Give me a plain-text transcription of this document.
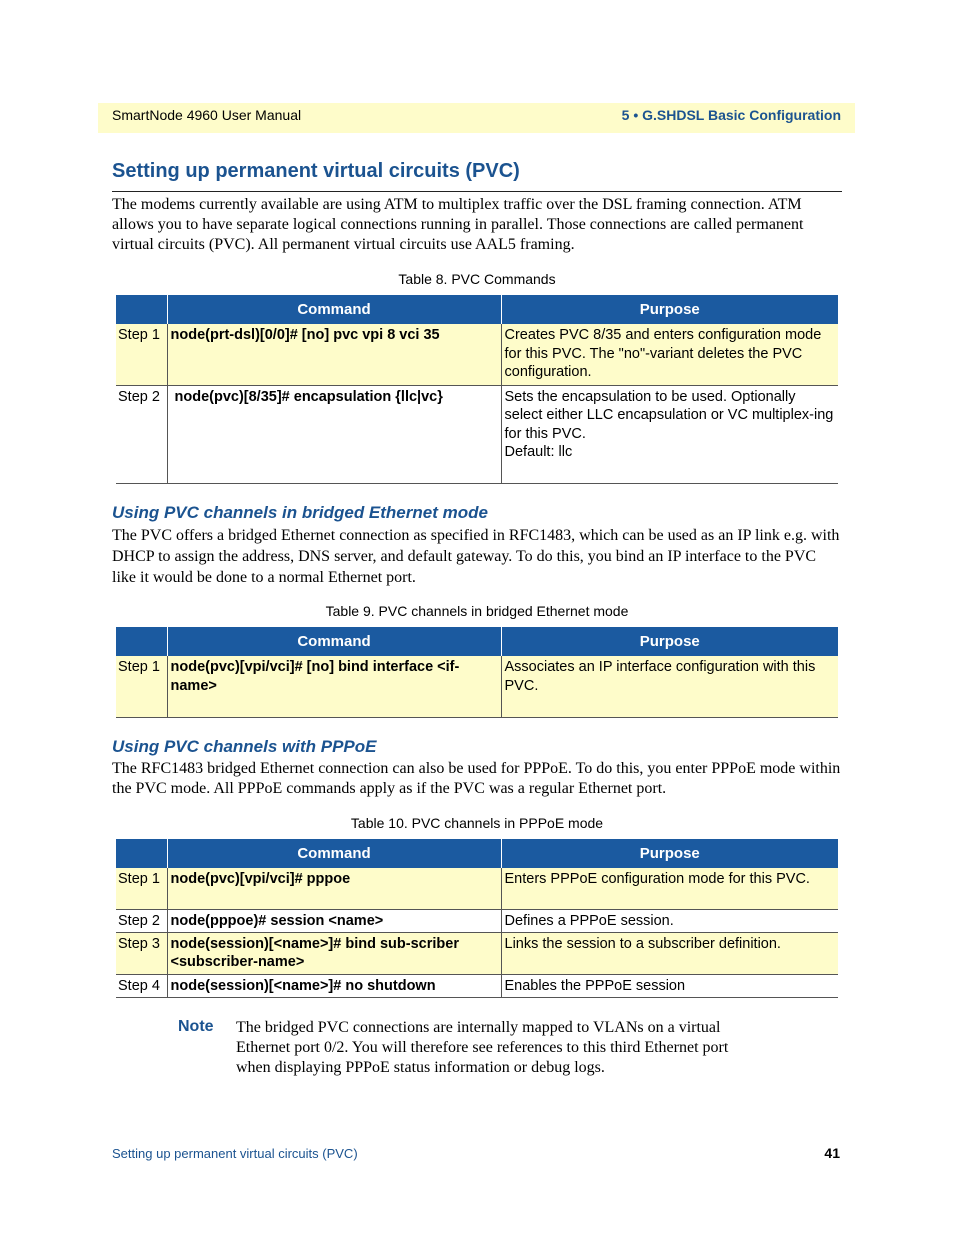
SmartNode 4960 User Manual	5 • G.SHDSL Basic Configuration
Setting up permanent virtual circuits (PVC)

The modems currently available are using ATM to multiplex traffic over the DSL framing connection. ATM allows you to have separate logical connections running in parallel. Those connections are called permanent virtual circuits (PVC). All permanent virtual circuits use AAL5 framing.

Table 8. PVC Commands

	Command	Purpose
Step 1	node(prt-dsl)[0/0]# [no] pvc vpi 8 vci 35	Creates PVC 8/35 and enters configuration mode for this PVC. The "no"-variant deletes the PVC configuration.
Step 2	node(pvc)[8/35]# encapsulation {llc|vc}	Sets the encapsulation to be used. Optionally select either LLC encapsulation or VC multiplex-ing for this PVC.
Default: llc
Using PVC channels in bridged Ethernet mode

The PVC offers a bridged Ethernet connection as specified in RFC1483, which can be used as an IP link e.g. with DHCP to assign the address, DNS server, and default gateway. To do this, you bind an IP interface to the PVC like it would be done to a normal Ethernet port.

Table 9. PVC channels in bridged Ethernet mode

	Command	Purpose
Step 1	node(pvc)[vpi/vci]# [no] bind interface <if-name>	Associates an IP interface configuration with this PVC.
Using PVC channels with PPPoE

The RFC1483 bridged Ethernet connection can also be used for PPPoE. To do this, you enter PPPoE mode within the PVC mode. All PPPoE commands apply as if the PVC was a regular Ethernet port.

Table 10. PVC channels in PPPoE mode

	Command	Purpose
Step 1	node(pvc)[vpi/vci]# pppoe	Enters PPPoE configuration mode for this PVC.
Step 2	node(pppoe)# session <name>	Defines a PPPoE session.
Step 3	node(session)[<name>]# bind sub-scriber <subscriber-name>	Links the session to a subscriber definition.
Step 4	node(session)[<name>]# no shutdown	Enables the PPPoE session
Note The bridged PVC connections are internally mapped to VLANs on a virtual Ethernet port 0/2. You will therefore see references to this third Ethernet port when displaying PPPoE status information or debug logs.

Setting up permanent virtual circuits (PVC)	41
